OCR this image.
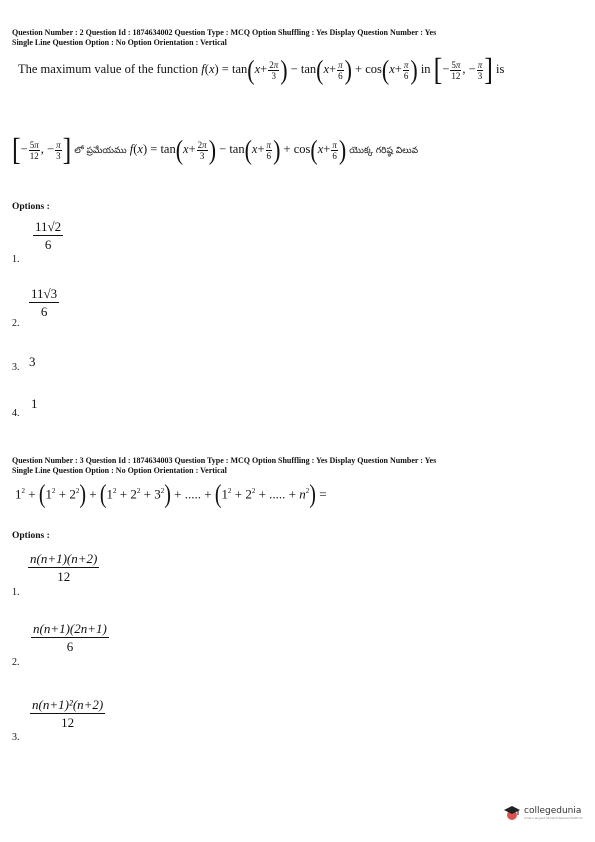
Question Number : 2 Question Id : 1874634002 Question Type : MCQ Option Shuffling : Yes Display Question Number : Yes
Single Line Question Option : No Option Orientation : Vertical
The maximum value of the function $f(x) = \tan(x+ \frac{2\pi}{3}$ ) − $\tan(x+ \frac{\pi}{6}$ ) + $\cos(x+ \frac{\pi}{6}$ ) in [− $\frac{5\pi}{12}$ , − $\frac{\pi}{3}$ ] is
[− $\frac{5\pi}{12}$ , − $\frac{\pi}{3}$ ] లో ప్రమేయము $f(x) = \tan(x+ \frac{2\pi}{3}$ ) − $\tan(x+ \frac{\pi}{6}$ ) + $\cos(x+ \frac{\pi}{6}$ ) యొక్క గరిష్ఠ విలువ
Options :
$\frac{11√2}{6}$
1.
$\frac{11√3}{6}$
2.
3
3.
1
4.
Question Number : 3 Question Id : 1874634003 Question Type : MCQ Option Shuffling : Yes Display Question Number : Yes
Single Line Question Option : No Option Orientation : Vertical
$1^2 + (1^2 + 2^2) + (1^2 + 2^2 + 3^2)$ + ..... + ($1^2 + 2^2$ + ..... + $n^2$) =
Options :
$\frac{n(n+1)(n+2)}{12}$
1.
$\frac{n(n+1)(2n+1)}{6}$
2.
$\frac{\text{n(n+1)²(n+2)}}{12}$
3.
collegedunia
India's largest Student Review Platform
